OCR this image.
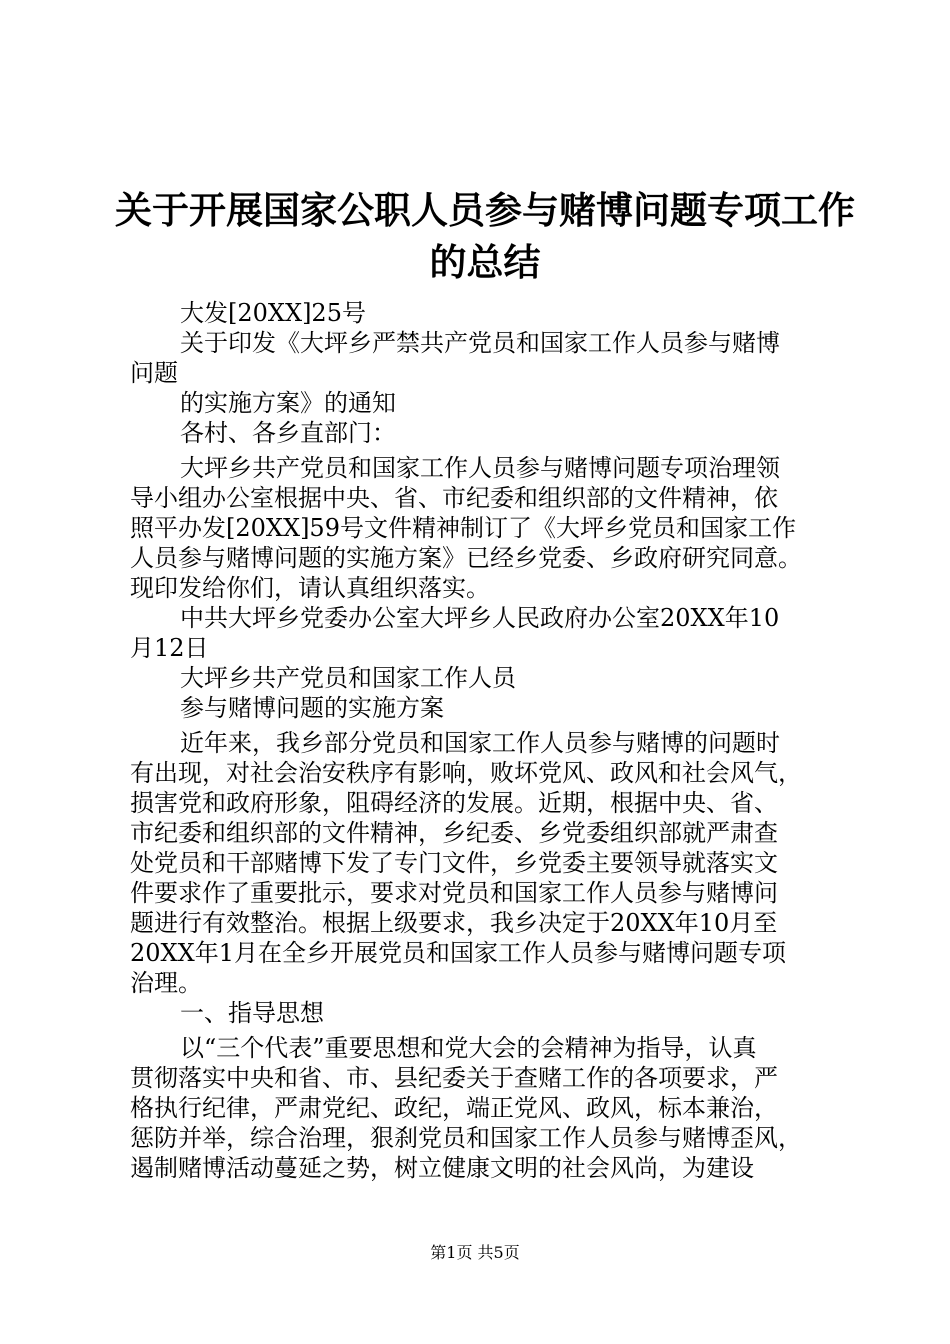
关于开展国家公职人员参与赌博问题专项工作
的总结
大发[20XX]25号
关于印发《大坪乡严禁共产党员和国家工作人员参与赌博
问题
的实施方案》的通知
各村、各乡直部门：
大坪乡共产党员和国家工作人员参与赌博问题专项治理领
导小组办公室根据中央、省、市纪委和组织部的文件精神，依
照平办发[20XX]59号文件精神制订了《大坪乡党员和国家工作
人员参与赌博问题的实施方案》已经乡党委、乡政府研究同意。
现印发给你们，请认真组织落实。
中共大坪乡党委办公室大坪乡人民政府办公室20XX年10
月12日
大坪乡共产党员和国家工作人员
参与赌博问题的实施方案
近年来，我乡部分党员和国家工作人员参与赌博的问题时
有出现，对社会治安秩序有影响，败坏党风、政风和社会风气，
损害党和政府形象，阻碍经济的发展。近期，根据中央、省、
市纪委和组织部的文件精神，乡纪委、乡党委组织部就严肃查
处党员和干部赌博下发了专门文件，乡党委主要领导就落实文
件要求作了重要批示，要求对党员和国家工作人员参与赌博问
题进行有效整治。根据上级要求，我乡决定于20XX年10月至
20XX年1月在全乡开展党员和国家工作人员参与赌博问题专项
治理。
一、指导思想
以“三个代表”重要思想和党大会的会精神为指导，认真
贯彻落实中央和省、市、县纪委关于查赌工作的各项要求，严
格执行纪律，严肃党纪、政纪，端正党风、政风，标本兼治，
惩防并举，综合治理，狠刹党员和国家工作人员参与赌博歪风，
遏制赌博活动蔓延之势，树立健康文明的社会风尚，为建设
第1页 共5页
